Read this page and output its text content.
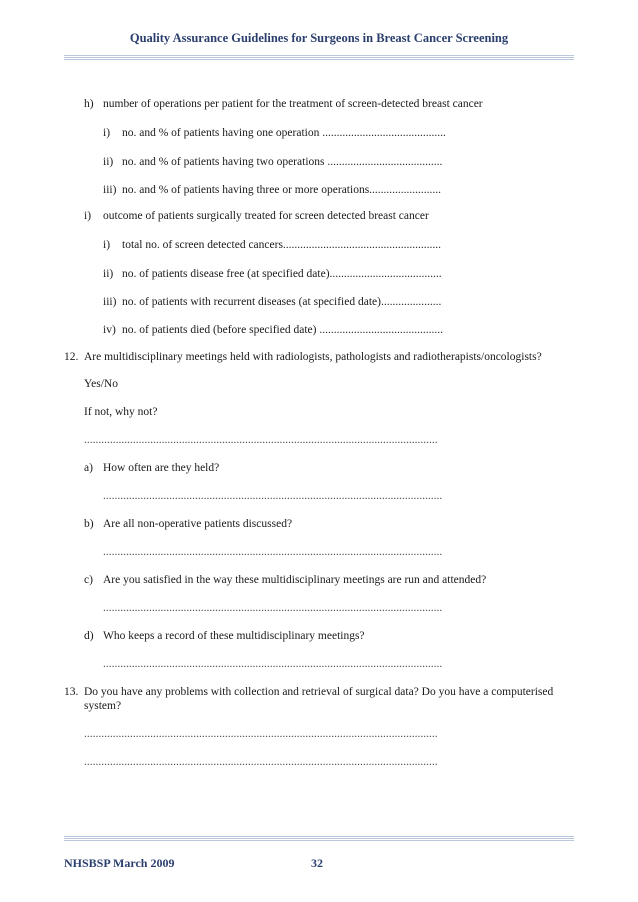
Quality Assurance Guidelines for Surgeons in Breast Cancer Screening
h) number of operations per patient for the treatment of screen-detected breast cancer
i) no. and % of patients having one operation ...........................................
ii) no. and % of patients having two operations ........................................
iii) no. and % of patients having three or more operations.........................
i) outcome of patients surgically treated for screen detected breast cancer
i) total no. of screen detected cancers.......................................................
ii) no. of patients disease free (at specified date).......................................
iii) no. of patients with recurrent diseases (at specified date).....................
iv) no. of patients died (before specified date) ...........................................
12. Are multidisciplinary meetings held with radiologists, pathologists and radiotherapists/oncologists?
Yes/No
If not, why not?
...........................................................................................................................
a) How often are they held?
......................................................................................................................
b) Are all non-operative patients discussed?
......................................................................................................................
c) Are you satisfied in the way these multidisciplinary meetings are run and attended?
......................................................................................................................
d) Who keeps a record of these multidisciplinary meetings?
......................................................................................................................
13. Do you have any problems with collection and retrieval of surgical data? Do you have a computerised
system?
...........................................................................................................................
...........................................................................................................................
NHSBSP March 2009	32
